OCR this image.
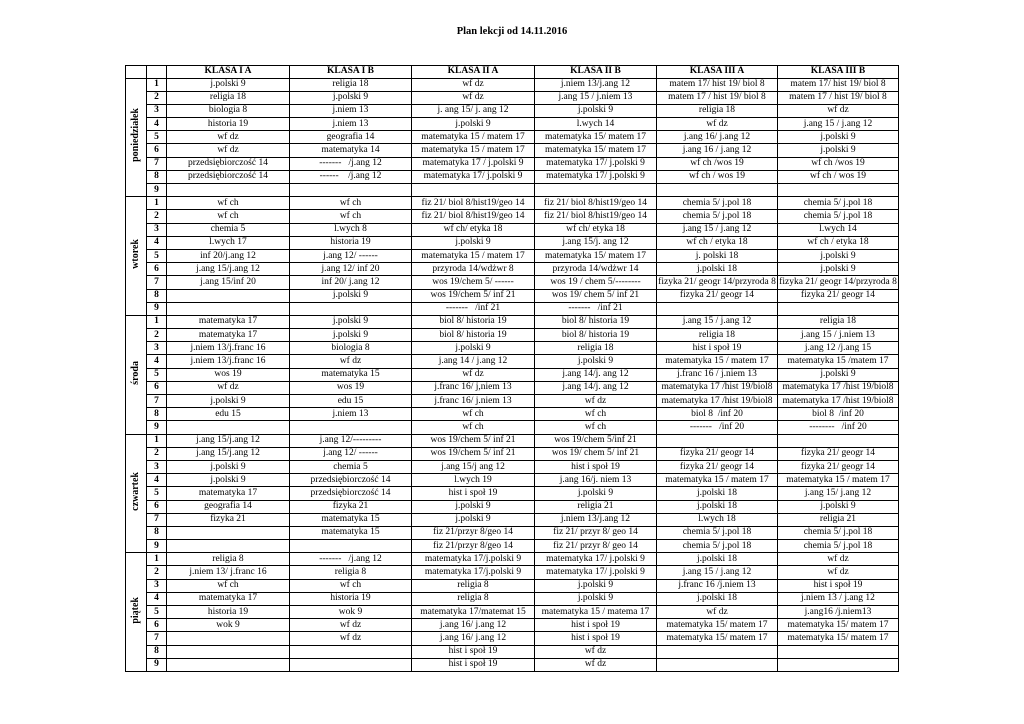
Plan lekcji od 14.11.2016
		KLASA I A	KLASA I B	KLASA II A	KLASA II B	KLASA III A	KLASA III B
poniedziałek	1	j.polski 9	religia 18	wf dz	j.niem 13/j.ang 12	matem 17/ hist 19/ biol 8	matem 17/ hist 19/ biol 8
	2	religia 18	j.polski 9	wf dz	j.ang 15 / j.niem 13	matem 17 / hist 19/ biol 8	matem 17 / hist 19/ biol 8
	3	biologia 8	j.niem 13	j. ang 15/ j. ang 12	j.polski 9	religia 18	wf dz
	4	historia 19	j.niem 13	j.polski 9	l.wych 14	wf dz	j.ang 15 / j.ang 12
	5	wf dz	geografia 14	matematyka 15 / matem 17	matematyka 15/ matem 17	j.ang 16/ j.ang 12	j.polski 9
	6	wf dz	matematyka 14	matematyka 15 / matem 17	matematyka 15/ matem 17	j.ang 16 / j.ang 12	j.polski 9
	7	przedsiębiorczość 14	-------   /j.ang 12	matematyka 17 / j.polski 9	matematyka 17/ j.polski 9	wf ch /wos 19	wf ch /wos 19
	8	przedsiębiorczość 14	------    /j.ang 12	matematyka 17/ j.polski 9	matematyka 17/ j.polski 9	wf ch / wos 19	wf ch / wos 19
	9						
wtorek	1	wf ch	wf ch	fiz 21/ biol 8/hist19/geo 14	fiz 21/ biol 8/hist19/geo 14	chemia 5/ j.pol 18	chemia 5/ j.pol 18
	2	wf ch	wf ch	fiz 21/ biol 8/hist19/geo 14	fiz 21/ biol 8/hist19/geo 14	chemia 5/ j.pol 18	chemia 5/ j.pol 18
	3	chemia 5	l.wych 8	wf ch/ etyka 18	wf ch/ etyka 18	j.ang 15 / j.ang 12	l.wych 14
	4	l.wych 17	historia 19	j.polski 9	j.ang 15/j. ang 12	wf ch / etyka 18	wf ch / etyka 18
	5	inf 20/j.ang 12	j.ang 12/ ------	matematyka 15 / matem 17	matematyka 15/ matem 17	j. polski 18	j.polski 9
	6	j.ang 15/j.ang 12	j.ang 12/ inf 20	przyroda 14/wdżwr 8	przyroda 14/wdżwr 14	j.polski 18	j.polski 9
	7	j.ang 15/inf 20	inf 20/ j.ang 12	wos 19/chem 5/ ------	wos 19 / chem 5/--------	fizyka 21/ geogr 14/przyroda 8	fizyka 21/ geogr 14/przyroda 8
	8		j.polski 9	wos 19/chem 5/ inf 21	wos 19/ chem 5/ inf 21	fizyka 21/ geogr 14	fizyka 21/ geogr 14
	9			-------   /inf 21	-------   /inf 21		
środa	1	matematyka 17	j.polski 9	biol 8/ historia 19	biol 8/ historia 19	j.ang 15 / j.ang 12	religia 18
	2	matematyka 17	j.polski 9	biol 8/ historia 19	biol 8/ historia 19	religia 18	j.ang 15 / j.niem 13
	3	j.niem 13/j.franc 16	biologia 8	j.polski 9	religia 18	hist i społ 19	j.ang 12 /j.ang 15
	4	j.niem 13/j.franc 16	wf dz	j.ang 14 / j.ang 12	j.polski 9	matematyka 15 / matem 17	matematyka 15 /matem 17
	5	wos 19	matematyka 15	wf dz	j.ang 14/j. ang 12	j.franc 16 / j.niem 13	j.polski 9
	6	wf dz	wos 19	j.franc 16/ j,niem 13	j.ang 14/j. ang 12	matematyka 17 /hist 19/biol8	matematyka 17 /hist 19/biol8
	7	j.polski 9	edu 15	j.franc 16/ j.niem 13	wf dz	matematyka 17 /hist 19/biol8	matematyka 17 /hist 19/biol8
	8	edu 15	j.niem 13	wf ch	wf ch	biol 8  /inf 20	biol 8  /inf 20
	9			wf ch	wf ch	-------   /inf 20	--------   /inf 20
czwartek	1	j.ang 15/j.ang 12	j.ang 12/---------	wos 19/chem 5/ inf 21	wos 19/chem 5/inf 21		
	2	j.ang 15/j.ang 12	j.ang 12/ ------	wos 19/chem 5/ inf 21	wos 19/ chem 5/ inf 21	fizyka 21/ geogr 14	fizyka 21/ geogr 14
	3	j.polski 9	chemia 5	j.ang 15/j ang 12	hist i społ 19	fizyka 21/ geogr 14	fizyka 21/ geogr 14
	4	j.polski 9	przedsiębiorczość 14	l.wych 19	j.ang 16/j. niem 13	matematyka 15 / matem 17	matematyka 15 / matem 17
	5	matematyka 17	przedsiębiorczość 14	hist i społ 19	j.polski 9	j.polski 18	j.ang 15/ j.ang 12
	6	geografia 14	fizyka 21	j.polski 9	religia 21	j.polski 18	j.polski 9
	7	fizyka 21	matematyka 15	j.polski 9	j.niem 13/j.ang 12	l.wych 18	religia 21
	8		matematyka 15	fiz 21/przyr 8/geo 14	fiz 21/ przyr 8/ geo 14	chemia 5/ j.pol 18	chemia 5/ j.pol 18
	9			fiz 21/przyr 8/geo 14	fiz 21/ przyr 8/ geo 14	chemia 5/ j.pol 18	chemia 5/ j.pol 18
piątek	1	religia 8	-------   /j.ang 12	matematyka 17/j.polski 9	matematyka 17/ j.polski 9	j.polski 18	wf dz
	2	j.niem 13/ j.franc 16	religia 8	matematyka 17/j.polski 9	matematyka 17/ j.polski 9	j.ang 15 / j.ang 12	wf dz
	3	wf ch	wf ch	religia 8	j.polski 9	j.franc 16 /j.niem 13	hist i społ 19
	4	matematyka 17	historia 19	religia 8	j.polski 9	j.polski 18	j.niem 13 / j.ang 12
	5	historia 19	wok 9	matematyka 17/matemat 15	matematyka 15 / matema 17	wf dz	j.ang16 /j.niem13
	6	wok 9	wf dz	j.ang 16/ j.ang 12	hist i społ 19	matematyka 15/ matem 17	matematyka 15/ matem 17
	7		wf dz	j.ang 16/ j.ang 12	hist i społ 19	matematyka 15/ matem 17	matematyka 15/ matem 17
	8			hist i społ 19	wf dz		
	9			hist i społ 19	wf dz		
